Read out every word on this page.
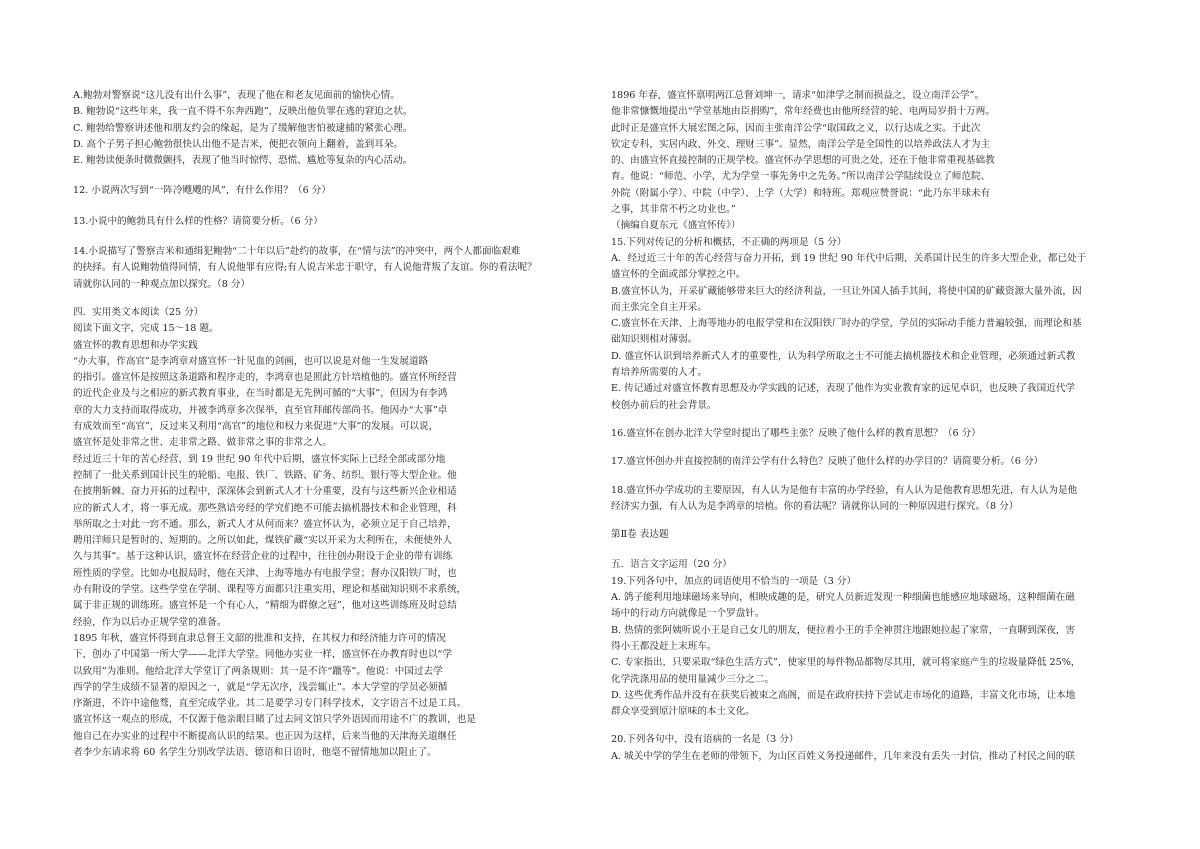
A.鲍勃对警察说“这儿没有出什么事”，表现了他在和老友见面前的愉快心情。
B. 鲍勃说“这些年来，我一直不得不东奔西跑”，反映出他负罪在逃的窘迫之状。
C. 鲍勃给警察讲述他和朋友约会的缘起，是为了缓解他害怕被逮捕的紧张心理。
D. 高个子男子担心鲍勃很快认出他不是吉米，便把衣领向上翻着，盖到耳朵。
E. 鲍勃读便条时微微颤抖，表现了他当时惊愕、恐慌、尴尬等复杂的内心活动。
12. 小说两次写到“一阵冷飕飕的风”，有什么作用？（6 分）
13.小说中的鲍勃具有什么样的性格？请简要分析。（6 分）
14.小说描写了警察吉米和通缉犯鲍勃“二十年以后”赴约的故事，在“情与法”的冲突中，两个人都面临艰难
的抉择。有人说鲍勃值得同情，有人说他罪有应得;有人说吉米忠于职守，有人说他背叛了友谊。你的看法呢？
请就你认同的一种观点加以探究。（8 分）
四．实用类文本阅读（25 分）
阅读下面文字，完成 15～18 题。
盛宣怀的教育思想和办学实践
“办大事，作高官”是李鸿章对盛宣怀一针见血的剑画，也可以说是对他一生发展道路
的指引。盛宣怀是按照这条道路和程序走的，李鸿章也是照此方针培植他的。盛宣怀所经营
的近代企业及与之相应的新式教育事业，在当时都是无先例可循的“大事”，但因为有李鸿
章的大力支持而取得成功，并被李鸿章多次保举，直至官拜邮传部尚书。他因办“大事”卓
有成效而至“高官”，反过来又利用“高官”的地位和权力来促进“大事”的发展。可以说，
盛宣怀是处非常之世、走非常之路、做非常之事的非常之人。
经过近三十年的苦心经营，到 19 世纪 90 年代中后期，盛宣怀实际上已经全部或部分地
控制了一批关系到国计民生的轮船、电报、铁厂、铁路、矿务、纺织、银行等大型企业。他
在披荆斩棘、奋力开拓的过程中，深深体会到新式人才十分重要，没有与这些新兴企业相适
应的新式人才，将一事无成。那些熟谙旁经的学究们绝不可能去搞机器技术和企业管理，科
举所取之士对此一窍不通。那么，新式人才从何而来？盛宣怀认为，必须立足于自己培养，
聘用洋师只是暂时的、短期的。之所以如此，煤铁矿藏“实以开采为大利所在，未便使外人
久与其事”。基于这种认识，盛宣怀在经营企业的过程中，往往创办附设于企业的带有训练
班性质的学堂。比如办电报局时，他在天津、上海等地办有电报学堂；督办汉阳铁厂时，也
办有附设的学堂。这些学堂在学制、课程等方面都只注重实用，理论和基础知识则不求系统，
属于非正规的训练班。盛宣怀是一个有心人，“精细为群僚之冠”，他对这些训练班及时总结
经验，作为以后办正规学堂的准备。
1895 年秋，盛宣怀得到直隶总督王文韶的批准和支持，在其权力和经济能力许可的情况
下，创办了中国第一所大学——北洋大学堂。同他办实业一样，盛宣怀在办教育时也以“学
以致用”为准则。他给北洋大学堂订了两条规则：其一是不许“躐等”。他说：中国过去学
西学的学生成绩不显著的原因之一，就是“学无次序，浅尝辄止”。本大学堂的学员必须循
序渐进，不许中途他骛，直至完成学业。其二是要学习专门科学技术，文字语言不过是工具。
盛宣怀这一观点的形成，不仅源于他亲眼目睹了过去同文馆只学外语因而用途不广的教训，也是
他自己在办实业的过程中不断提高认识的结果。也正因为这样，后来当他的天津海关道继任
者李少东请求将 60 名学生分别改学法语、德语和日语时，他毫不留情地加以阻止了。
1896 年春，盛宣怀禀明两江总督刘坤一，请求“如津学之制而损益之，设立南洋公学”。
他非常慷慨地提出“学堂基地由臣捐购”，常年经费也由他所经营的轮、电两局岁捐十万两。
此时正是盛宣怀大展宏图之际，因而主张南洋公学“取国政之义，以行达成之实。于此次
钦定专科，实居内政、外交、理财三事”。显然，南洋公学是全国性的以培养政法人才为主
的、由盛宣怀直接控制的正规学校。盛宣怀办学思想的可贵之处，还在于他非常重视基础教
育。他说：“师范、小学，尤为学堂一事先务中之先务。”所以南洋公学陆续设立了师范院、
外院（附属小学）、中院（中学）、上学（大学）和特班。郑观应赞誉说：“此乃东半球未有
之事，其非常不朽之功业也。”
（摘编自夏东元《盛宣怀传》）
15.下列对传记的分析和概括，不正确的两项是（5 分）
A．经过近三十年的苦心经营与奋力开拓，到 19 世纪 90 年代中后期，关系国计民生的许多大型企业，都已处于
盛宣怀的全面或部分掌控之中。
B.盛宣怀认为，开采矿藏能够带来巨大的经济利益，一旦让外国人插手其间，将使中国的矿藏资源大量外流，因
而主张完全自主开采。
C.盛宣怀在天津、上海等地办的电报学堂和在汉阳铁厂时办的学堂，学员的实际动手能力普遍较强，而理论和基
础知识则相对薄弱。
D. 盛宣怀认识到培养新式人才的重要性，认为科学所取之士不可能去搞机器技术和企业管理，必须通过新式教
育培养所需要的人才。
E. 传记通过对盛宣怀教育思想及办学实践的记述，表现了他作为实业教育家的远见卓识，也反映了我国近代学
校创办前后的社会背景。
16.盛宣怀在创办北洋大学堂时提出了哪些主张？反映了他什么样的教育思想？（6 分）
17.盛宣怀创办并直接控制的南洋公学有什么特色？反映了他什么样的办学目的？请简要分析。（6 分）
18.盛宣怀办学成功的主要原因，有人认为是他有丰富的办学经验，有人认为是他教育思想先进，有人认为是他
经济实力强，有人认为是李鸿章的培植。你的看法呢？请就你认同的一种原因进行探究。（8 分）
第Ⅱ卷 表达题
五．语言文字运用（20 分）
19.下列各句中，加点的词语使用不恰当的一项是（3 分）
A. 鸽子能利用地球磁场来导向，相映成趣的是，研究人员新近发现一种细菌也能感应地球磁场，这种细菌在磁
场中的行动方向就像是一个罗盘针。
B. 热情的张阿姨听说小王是自己女儿的朋友，便拉着小王的手全神贯注地跟她拉起了家常，一直聊到深夜，害
得小王都没赶上末班车。
C. 专家指出，只要采取“绿色生活方式”，使家里的每件物品都物尽其用，就可将家庭产生的垃圾量降低 25%，
化学洗涤用品的使用量减少三分之二。
D. 这些优秀作品并没有在获奖后被束之高阁，而是在政府扶持下尝试走市场化的道路，丰富文化市场，让本地
群众享受到原汁原味的本土文化。
20.下列各句中，没有语病的一名是（3 分）
A. 城关中学的学生在老师的带领下，为山区百姓义务投递邮件，几年来没有丢失一封信，推动了村民之间的联
